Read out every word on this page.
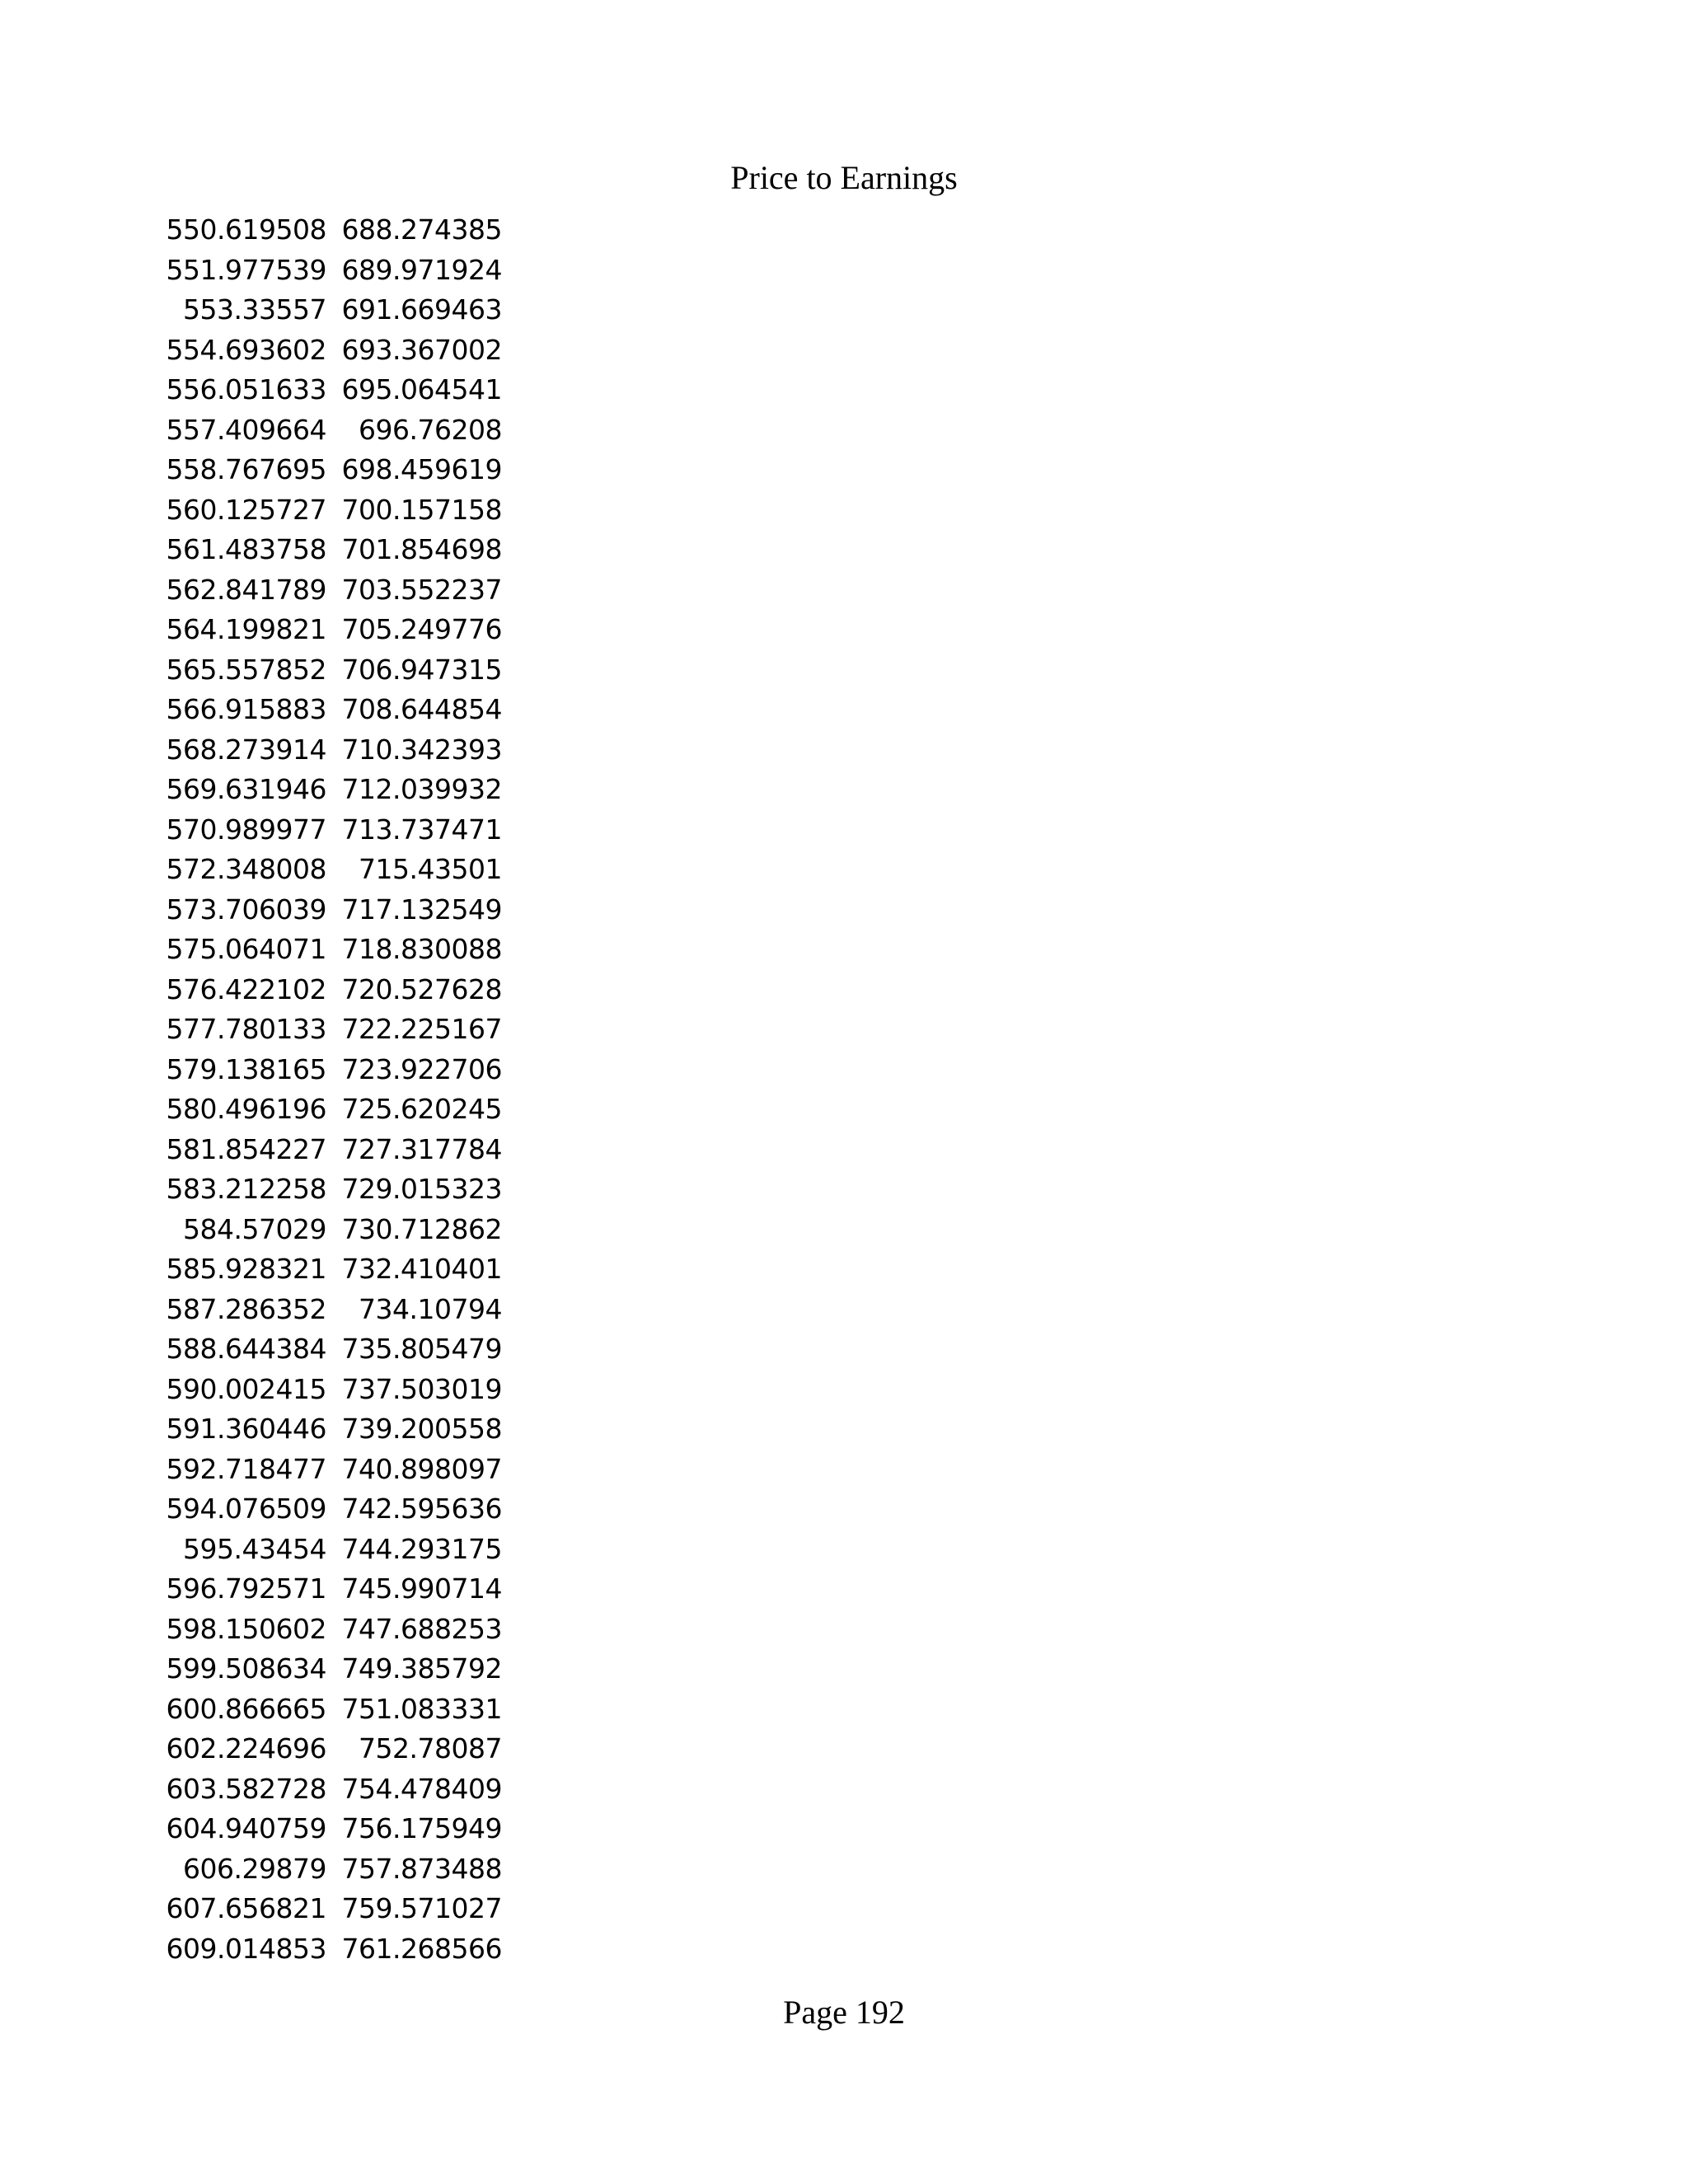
Price to Earnings
550.619508	688.274385
551.977539	689.971924
553.33557	691.669463
554.693602	693.367002
556.051633	695.064541
557.409664	696.76208
558.767695	698.459619
560.125727	700.157158
561.483758	701.854698
562.841789	703.552237
564.199821	705.249776
565.557852	706.947315
566.915883	708.644854
568.273914	710.342393
569.631946	712.039932
570.989977	713.737471
572.348008	715.43501
573.706039	717.132549
575.064071	718.830088
576.422102	720.527628
577.780133	722.225167
579.138165	723.922706
580.496196	725.620245
581.854227	727.317784
583.212258	729.015323
584.57029	730.712862
585.928321	732.410401
587.286352	734.10794
588.644384	735.805479
590.002415	737.503019
591.360446	739.200558
592.718477	740.898097
594.076509	742.595636
595.43454	744.293175
596.792571	745.990714
598.150602	747.688253
599.508634	749.385792
600.866665	751.083331
602.224696	752.78087
603.582728	754.478409
604.940759	756.175949
606.29879	757.873488
607.656821	759.571027
609.014853	761.268566
Page 192
